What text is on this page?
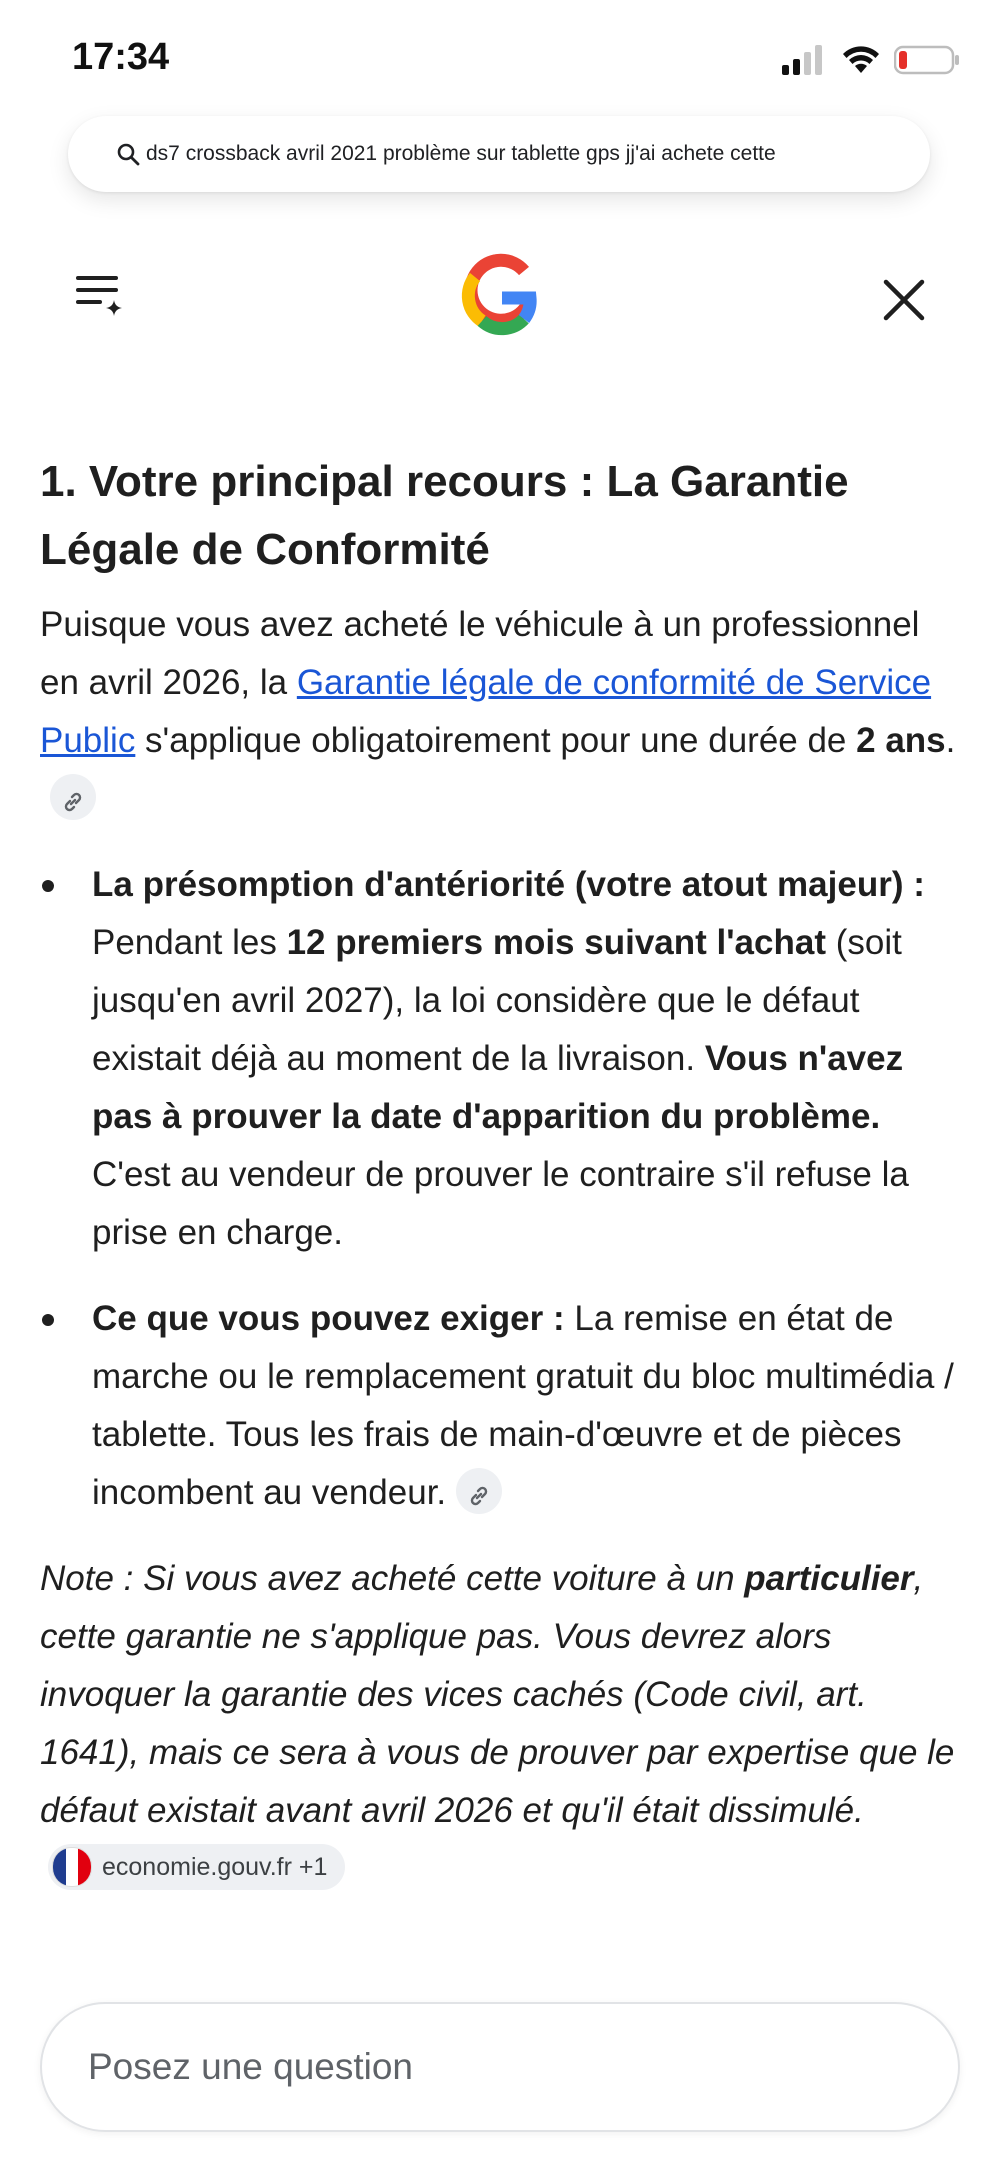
17:34
ds7 crossback avril 2021 problème sur tablette gps jj'ai achete cette
1. Votre principal recours : La Garantie Légale de Conformité
Puisque vous avez acheté le véhicule à un professionnel en avril 2026, la Garantie légale de conformité de Service Public s'applique obligatoirement pour une durée de 2 ans.
La présomption d'antériorité (votre atout majeur) : Pendant les 12 premiers mois suivant l'achat (soit jusqu'en avril 2027), la loi considère que le défaut existait déjà au moment de la livraison. Vous n'avez pas à prouver la date d'apparition du problème. C'est au vendeur de prouver le contraire s'il refuse la prise en charge.
Ce que vous pouvez exiger : La remise en état de marche ou le remplacement gratuit du bloc multimédia / tablette. Tous les frais de main-d'œuvre et de pièces incombent au vendeur.
Note : Si vous avez acheté cette voiture à un particulier, cette garantie ne s'applique pas. Vous devrez alors invoquer la garantie des vices cachés (Code civil, art. 1641), mais ce sera à vous de prouver par expertise que le défaut existait avant avril 2026 et qu'il était dissimulé.
economie.gouv.fr +1
Posez une question
